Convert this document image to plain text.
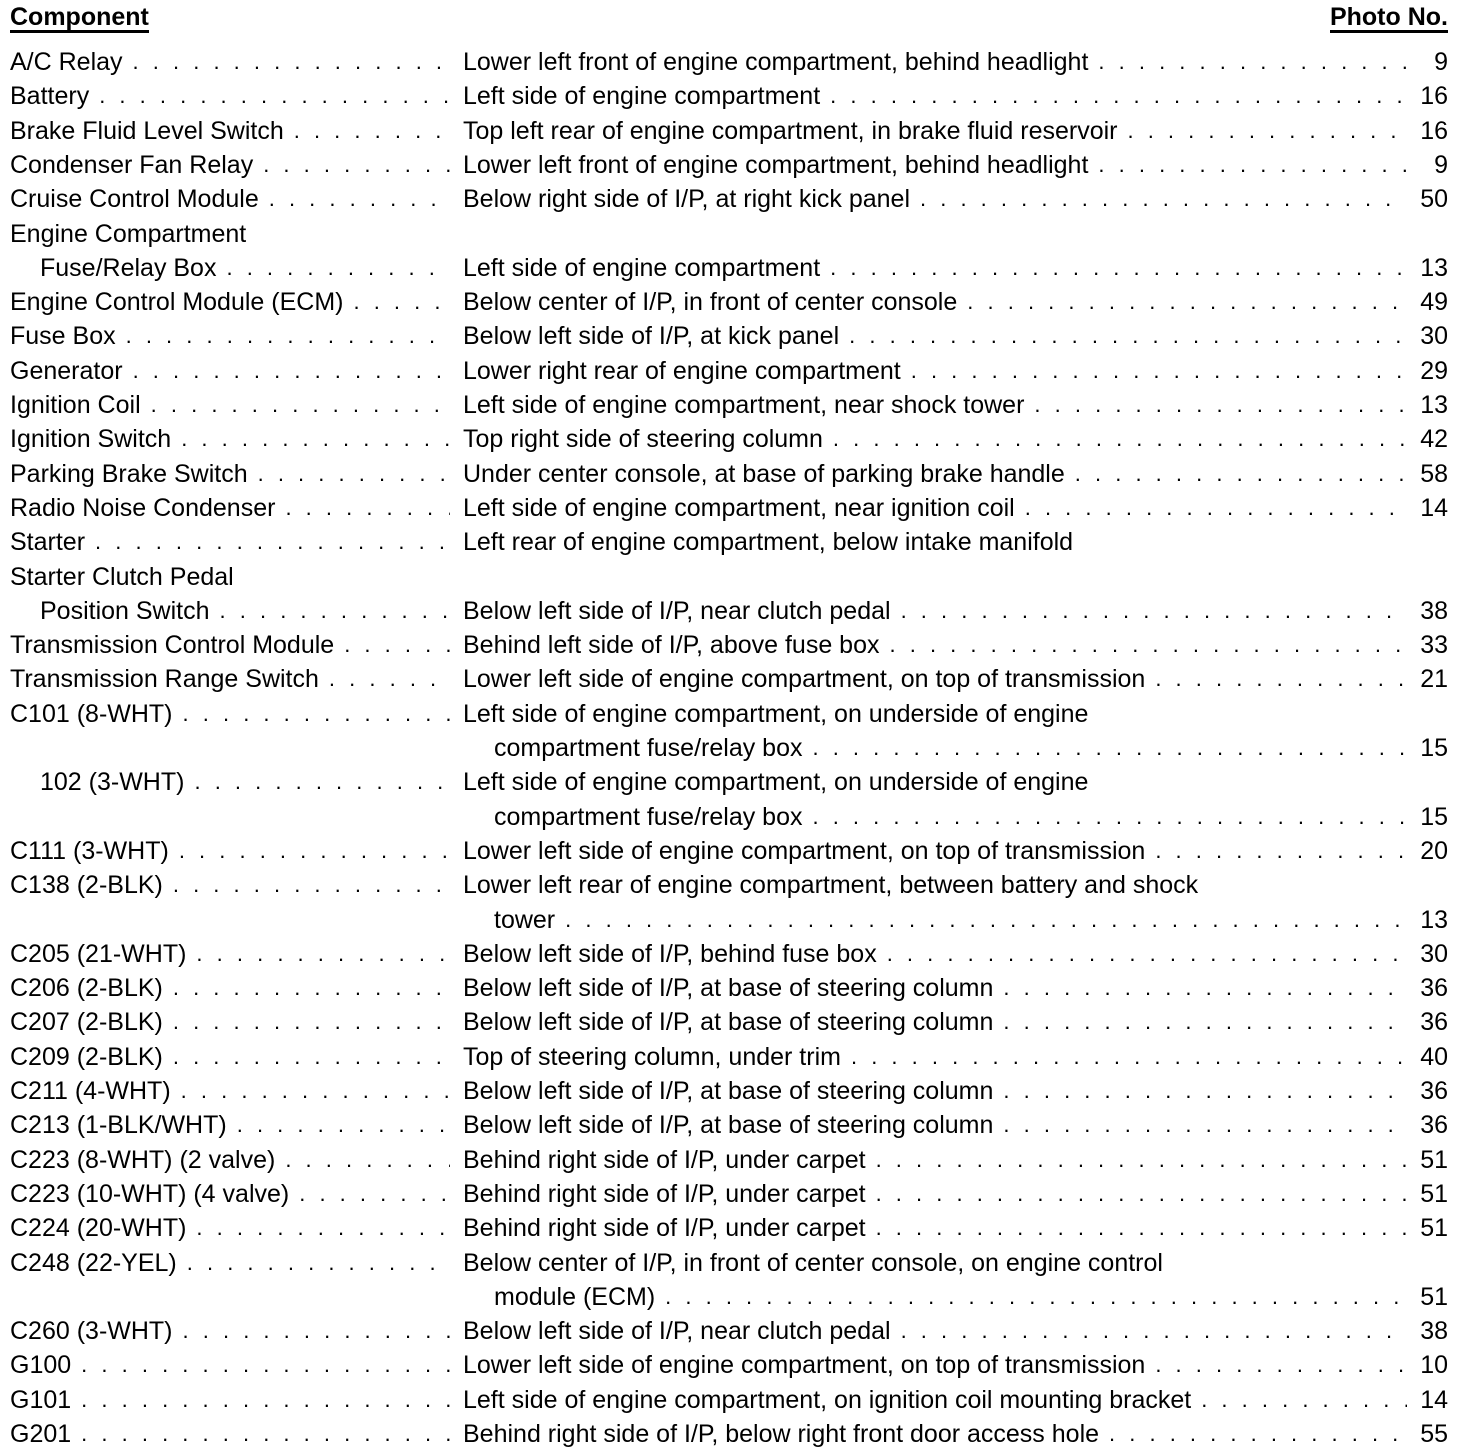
Component	Photo No.
A/C Relay . . .	Lower left front of engine compartment, behind headlight . . .	9
Battery . . .	Left side of engine compartment . . .	16
Brake Fluid Level Switch . . .	Top left rear of engine compartment, in brake fluid reservoir . . .	16
Condenser Fan Relay . . .	Lower left front of engine compartment, behind headlight . . .	9
Cruise Control Module . . .	Below right side of I/P, at right kick panel . . .	50
Engine Compartment
Fuse/Relay Box . . .	Left side of engine compartment . . .	13
Engine Control Module (ECM) . . .	Below center of I/P, in front of center console . . .	49
Fuse Box . . .	Below left side of I/P, at kick panel . . .	30
Generator . . .	Lower right rear of engine compartment . . .	29
Ignition Coil . . .	Left side of engine compartment, near shock tower . . .	13
Ignition Switch . . .	Top right side of steering column . . .	42
Parking Brake Switch . . .	Under center console, at base of parking brake handle . . .	58
Radio Noise Condenser . . .	Left side of engine compartment, near ignition coil . . .	14
Starter . . .	Left rear of engine compartment, below intake manifold
Starter Clutch Pedal
Position Switch . . .	Below left side of I/P, near clutch pedal . . .	38
Transmission Control Module . . .	Behind left side of I/P, above fuse box . . .	33
Transmission Range Switch . . .	Lower left side of engine compartment, on top of transmission . . .	21
C101 (8-WHT) . . .	Left side of engine compartment, on underside of engine
compartment fuse/relay box . . .	15
102 (3-WHT) . . .	Left side of engine compartment, on underside of engine
compartment fuse/relay box . . .	15
C111 (3-WHT) . . .	Lower left side of engine compartment, on top of transmission . . .	20
C138 (2-BLK) . . .	Lower left rear of engine compartment, between battery and shock
tower . . .	13
C205 (21-WHT) . . .	Below left side of I/P, behind fuse box . . .	30
C206 (2-BLK) . . .	Below left side of I/P, at base of steering column . . .	36
C207 (2-BLK) . . .	Below left side of I/P, at base of steering column . . .	36
C209 (2-BLK) . . .	Top of steering column, under trim . . .	40
C211 (4-WHT) . . .	Below left side of I/P, at base of steering column . . .	36
C213 (1-BLK/WHT) . . .	Below left side of I/P, at base of steering column . . .	36
C223 (8-WHT) (2 valve) . . .	Behind right side of I/P, under carpet . . .	51
C223 (10-WHT) (4 valve) . . .	Behind right side of I/P, under carpet . . .	51
C224 (20-WHT) . . .	Behind right side of I/P, under carpet . . .	51
C248 (22-YEL) . . .	Below center of I/P, in front of center console, on engine control
module (ECM) . . .	51
C260 (3-WHT) . . .	Below left side of I/P, near clutch pedal . . .	38
G100 . . .	Lower left side of engine compartment, on top of transmission . . .	10
G101 . . .	Left side of engine compartment, on ignition coil mounting bracket . . .	14
G201 . . .	Behind right side of I/P, below right front door access hole . . .	55
